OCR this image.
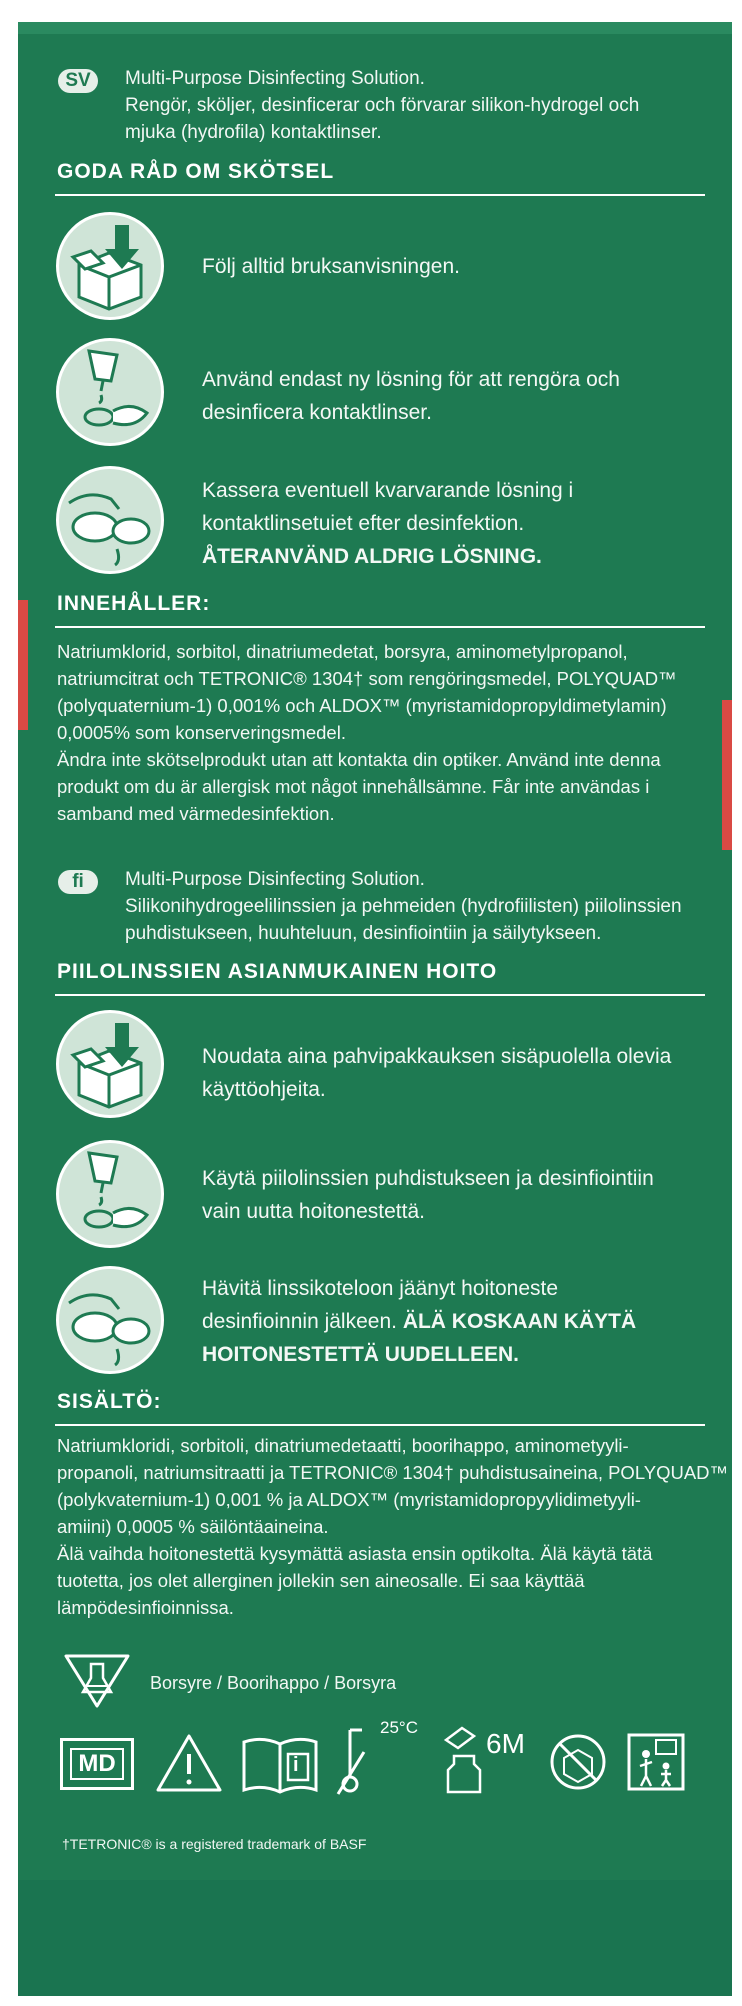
SV	Multi-Purpose Disinfecting Solution.
Rengör, sköljer, desinficerar och förvarar silikon-hydrogel och
mjuka (hydrofila) kontaktlinser.
GODA RÅD OM SKÖTSEL
Följ alltid bruksanvisningen.
Använd endast ny lösning för att rengöra och
desinficera kontaktlinser.
Kassera eventuell kvarvarande lösning i
kontaktlinsetuiet efter desinfektion.
ÅTERANVÄND ALDRIG LÖSNING.
INNEHÅLLER:
Natriumklorid, sorbitol, dinatriumedetat, borsyra, aminometylpropanol,
natriumcitrat och TETRONIC® 1304† som rengöringsmedel, POLYQUAD™
(polyquaternium-1) 0,001% och ALDOX™ (myristamidopropyldimetylamin)
0,0005% som konserveringsmedel.
Ändra inte skötselprodukt utan att kontakta din optiker. Använd inte denna
produkt om du är allergisk mot något innehållsämne. Får inte användas i
samband med värmedesinfektion.
fi	Multi-Purpose Disinfecting Solution.
Silikonihydrogeelilinssien ja pehmeiden (hydrofiilisten) piilolinssien
puhdistukseen, huuhteluun, desinfiointiin ja säilytykseen.
PIILOLINSSIEN ASIANMUKAINEN HOITO
Noudata aina pahvipakkauksen sisäpuolella olevia
käyttöohjeita.
Käytä piilolinssien puhdistukseen ja desinfiointiin
vain uutta hoitonestettä.
Hävitä linssikoteloon jäänyt hoitoneste
desinfioinnin jälkeen. ÄLÄ KOSKAAN KÄYTÄ
HOITONESTETTÄ UUDELLEEN.
SISÄLTÖ:
Natriumkloridi, sorbitoli, dinatriumedetaatti, boorihappo, aminometyyli-
propanoli, natriumsitraatti ja TETRONIC® 1304† puhdistusaineina, POLYQUAD™
(polykvaternium-1) 0,001 % ja ALDOX™ (myristamidopropyylidimetyyli-
amiini) 0,0005 % säilöntäaineina.
Älä vaihda hoitonestettä kysymättä asiasta ensin optikolta. Älä käytä tätä
tuotetta, jos olet allerginen jollekin sen aineosalle. Ei saa käyttää
lämpödesinfioinnissa.
Borsyre / Boorihappo / Borsyra
MD	i
25°C
6M
†TETRONIC® is a registered trademark of BASF
